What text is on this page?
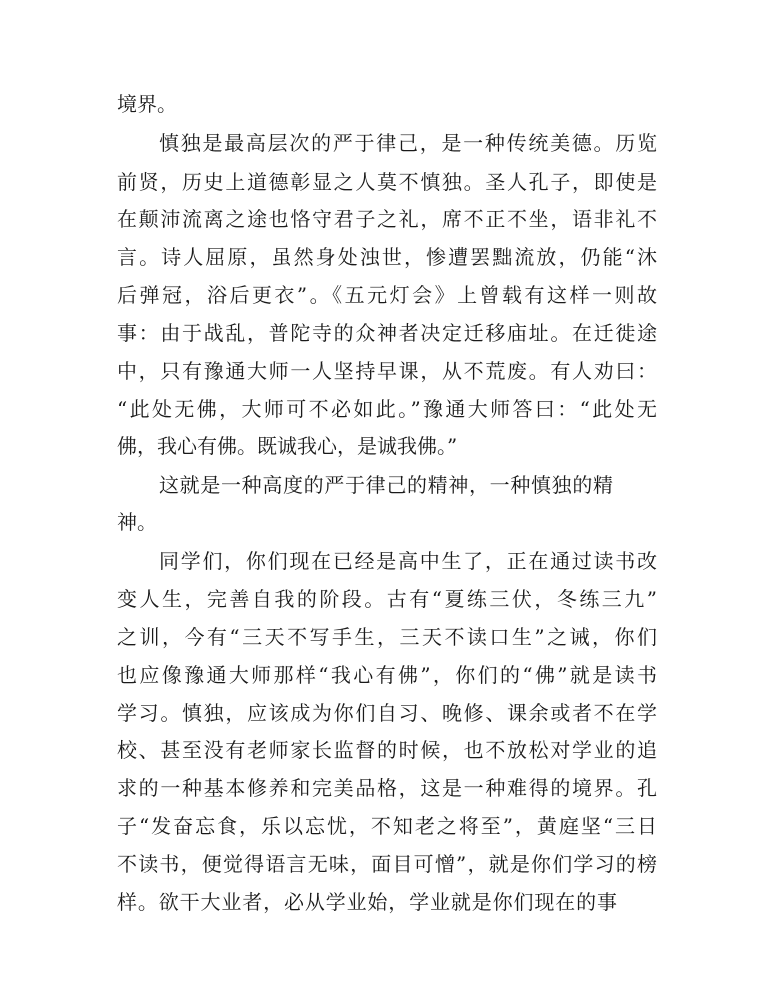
境界。
慎独是最高层次的严于律己，是一种传统美德。历览
前贤，历史上道德彰显之人莫不慎独。圣人孔子，即使是
在颠沛流离之途也恪守君子之礼，席不正不坐，语非礼不
言。诗人屈原，虽然身处浊世，惨遭罢黜流放，仍能“沐
后弹冠，浴后更衣”。《五元灯会》上曾载有这样一则故
事：由于战乱，普陀寺的众神者决定迁移庙址。在迁徙途
中，只有豫通大师一人坚持早课，从不荒废。有人劝曰：
“此处无佛，大师可不必如此。”豫通大师答曰：“此处无
佛，我心有佛。既诚我心，是诚我佛。”
这就是一种高度的严于律己的精神，一种慎独的精
神。
同学们，你们现在已经是高中生了，正在通过读书改
变人生，完善自我的阶段。古有“夏练三伏，冬练三九”
之训，今有“三天不写手生，三天不读口生”之诫，你们
也应像豫通大师那样“我心有佛”，你们的“佛”就是读书
学习。慎独，应该成为你们自习、晚修、课余或者不在学
校、甚至没有老师家长监督的时候，也不放松对学业的追
求的一种基本修养和完美品格，这是一种难得的境界。孔
子“发奋忘食，乐以忘忧，不知老之将至”，黄庭坚“三日
不读书，便觉得语言无味，面目可憎”，就是你们学习的榜
样。欲干大业者，必从学业始，学业就是你们现在的事
